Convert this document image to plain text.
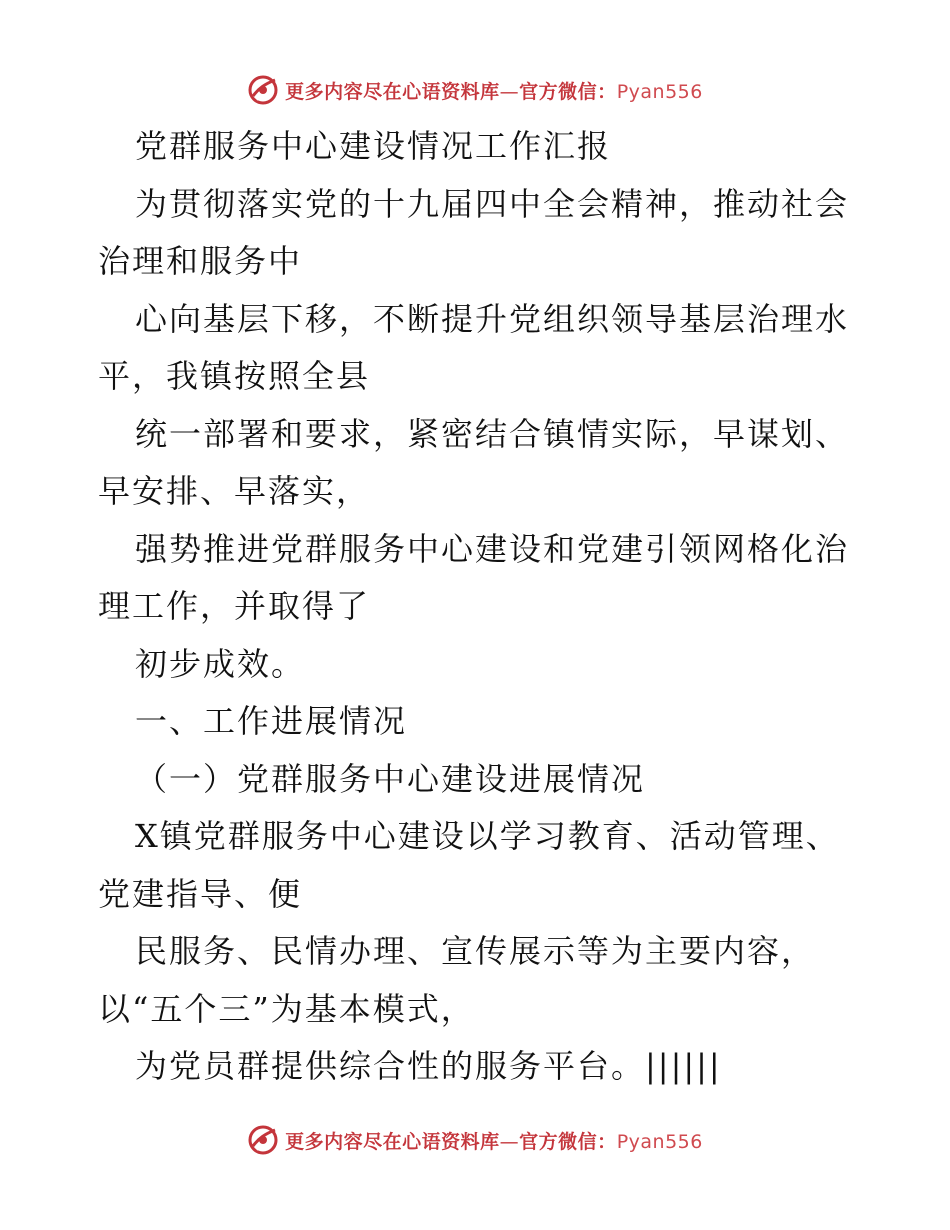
更多内容尽在心语资料库—官方微信：Pyan556
党群服务中心建设情况工作汇报
为贯彻落实党的十九届四中全会精神，推动社会
治理和服务中
心向基层下移，不断提升党组织领导基层治理水
平，我镇按照全县
统一部署和要求，紧密结合镇情实际，早谋划、
早安排、早落实，
强势推进党群服务中心建设和党建引领网格化治
理工作，并取得了
初步成效。
一、工作进展情况
（一）党群服务中心建设进展情况
X镇党群服务中心建设以学习教育、活动管理、
党建指导、便
民服务、民情办理、宣传展示等为主要内容，
以“五个三”为基本模式，
为党员群提供综合性的服务平台。||||||
更多内容尽在心语资料库—官方微信：Pyan556
